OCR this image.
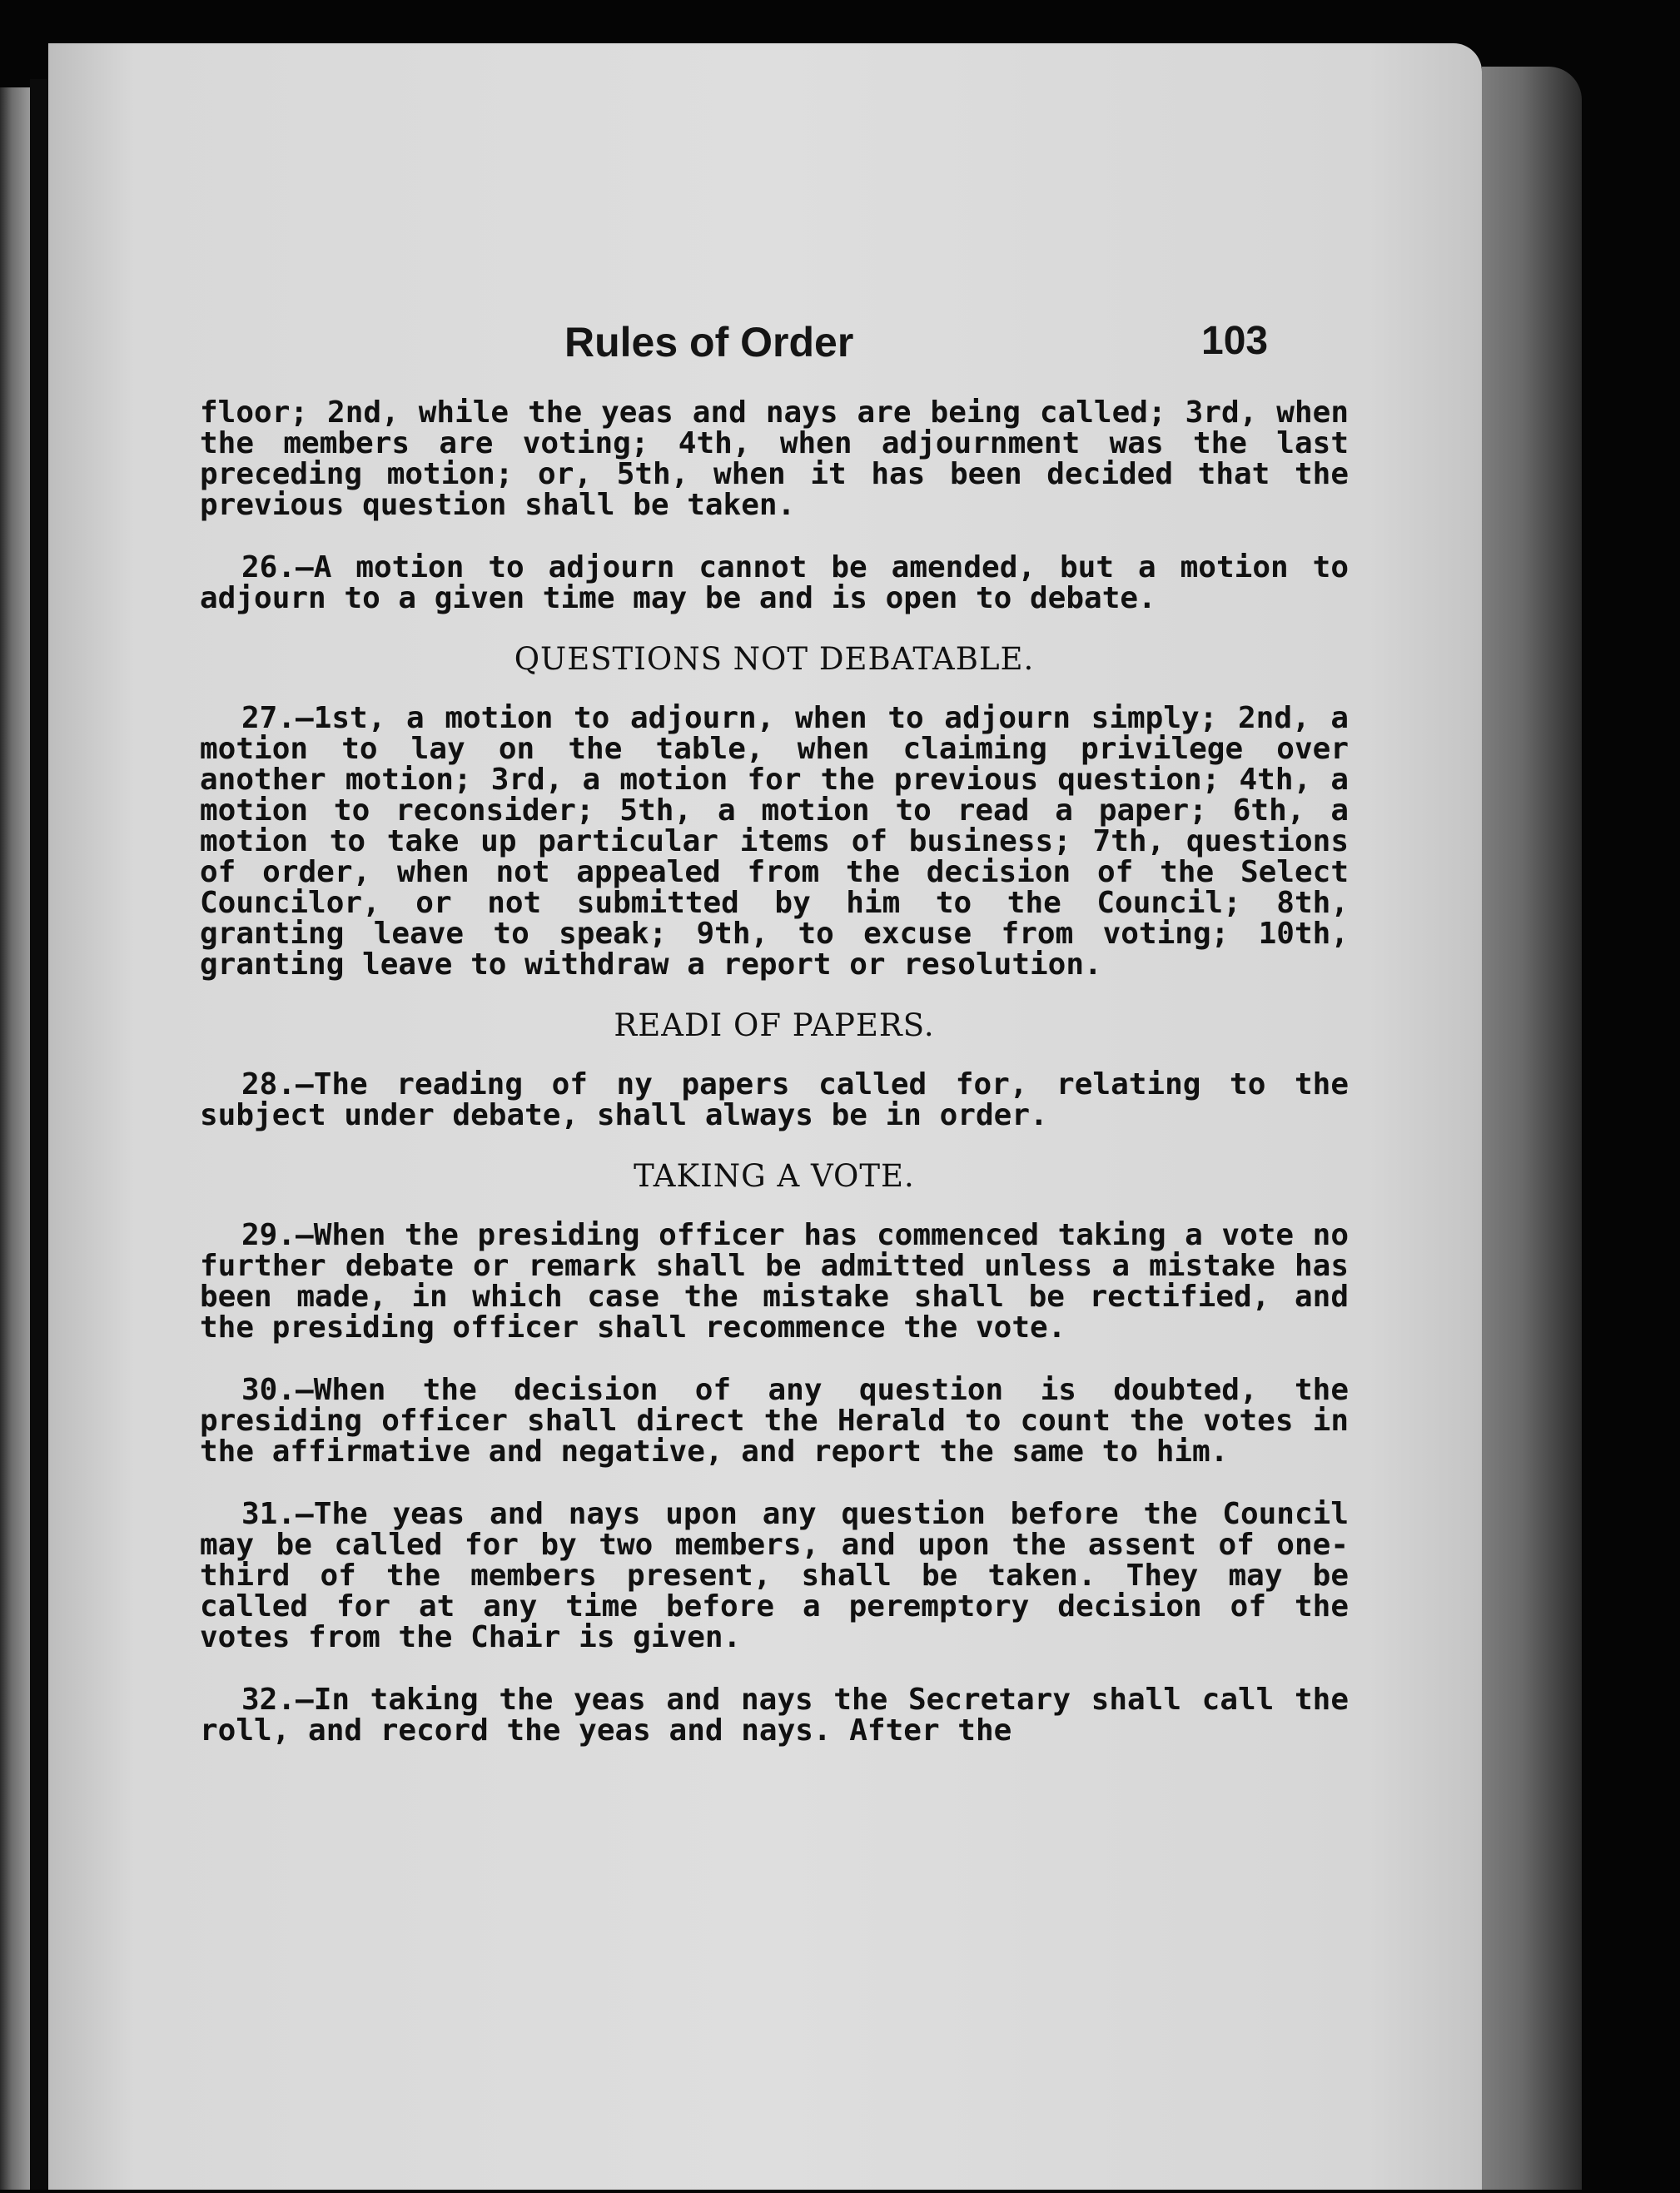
Rules of Order	103

floor; 2nd, while the yeas and nays are being called; 3rd, when the members are voting; 4th, when adjournment was the last preceding motion; or, 5th, when it has been decided that the previous question shall be taken.

26.—A motion to adjourn cannot be amended, but a motion to adjourn to a given time may be and is open to debate.

QUESTIONS NOT DEBATABLE.

27.—1st, a motion to adjourn, when to adjourn simply; 2nd, a motion to lay on the table, when claiming privilege over another motion; 3rd, a motion for the previous question; 4th, a motion to reconsider; 5th, a motion to read a paper; 6th, a motion to take up particular items of business; 7th, questions of order, when not appealed from the decision of the Select Councilor, or not submitted by him to the Council; 8th, granting leave to speak; 9th, to excuse from voting; 10th, granting leave to withdraw a report or resolution.

READI OF PAPERS.

28.—The reading of ny papers called for, relating to the subject under debate, shall always be in order.

TAKING A VOTE.

29.—When the presiding officer has commenced taking a vote no further debate or remark shall be admitted unless a mistake has been made, in which case the mistake shall be rectified, and the presiding officer shall recommence the vote.

30.—When the decision of any question is doubted, the presiding officer shall direct the Herald to count the votes in the affirmative and negative, and report the same to him.

31.—The yeas and nays upon any question before the Council may be called for by two members, and upon the assent of one-third of the members present, shall be taken. They may be called for at any time before a peremptory decision of the votes from the Chair is given.

32.—In taking the yeas and nays the Secretary shall call the roll, and record the yeas and nays. After the
